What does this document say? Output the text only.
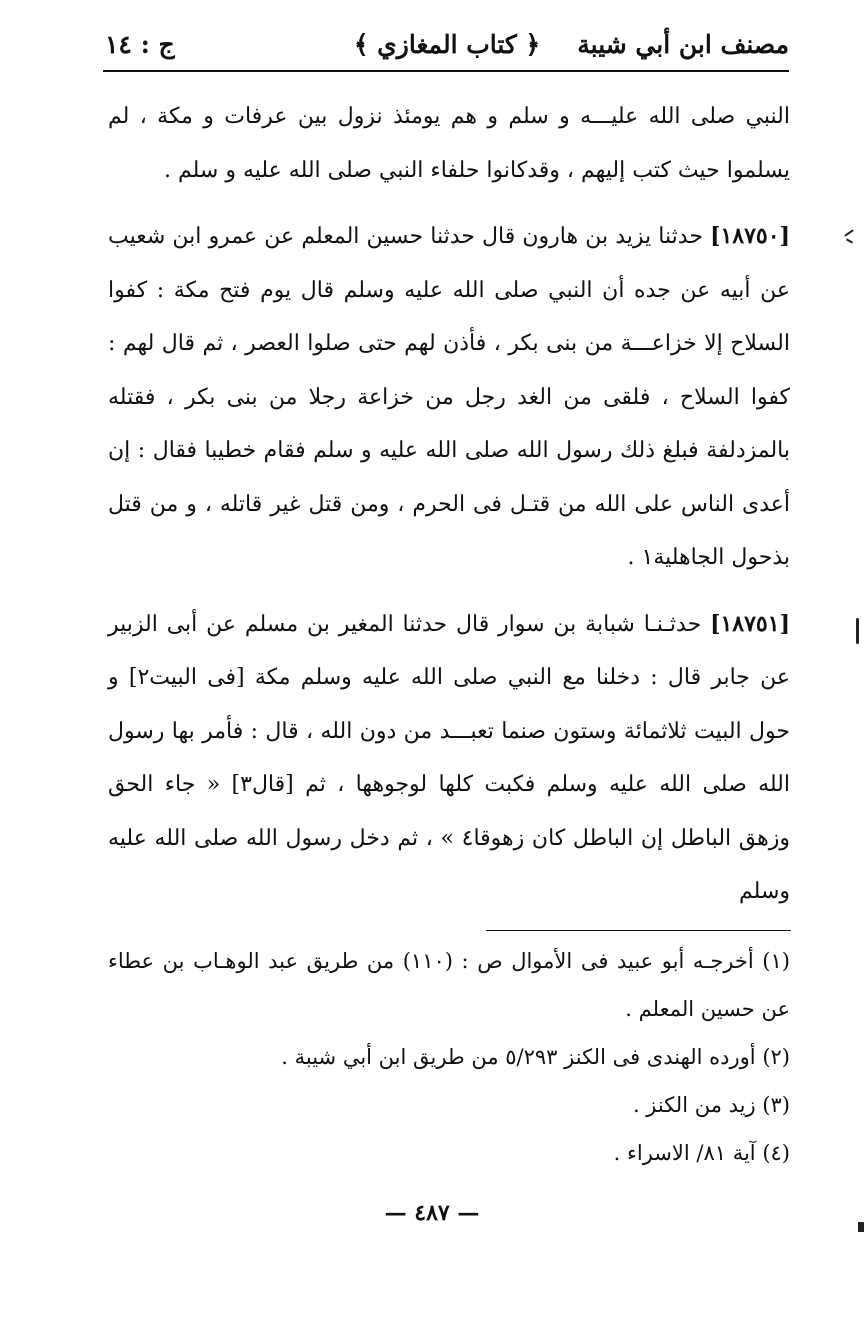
مصنف ابن أبي شيبة
﴿ كتاب المغازي ﴾
ج : ١٤

النبي صلى الله عليـــه و سلم و هم يومئذ نزول بين عرفات و مكة ، لم يسلموا حيث كتب إليهم ، وقدكانوا حلفاء النبي صلى الله عليه و سلم .

[١٨٧٥٠] حدثنا يزيد بن هارون قال حدثنا حسين المعلم عن عمرو ابن شعيب عن أبيه عن جده أن النبي صلى الله عليه وسلم قال يوم فتح مكة : كفوا السلاح إلا خزاعـــة من بنى بكر ، فأذن لهم حتى صلوا العصر ، ثم قال لهم : كفوا السلاح ، فلقى من الغد رجل من خزاعة رجلا من بنى بكر ، فقتله بالمزدلفة فبلغ ذلك رسول الله صلى الله عليه و سلم فقام خطيبا فقال : إن أعدى الناس على الله من قتـل فى الحرم ، ومن قتل غير قاتله ، و من قتل بذحول الجاهلية١ .

[١٨٧٥١] حدثـنـا شبابة بن سوار قال حدثنا المغير بن مسلم عن أبى الزبير عن جابر قال : دخلنا مع النبي صلى الله عليه وسلم مكة [فى البيت٢] و حول البيت ثلاثمائة وستون صنما تعبـــد من دون الله ، قال : فأمر بها رسول الله صلى الله عليه وسلم فكبت كلها لوجوهها ، ثم [قال٣] « جاء الحق وزهق الباطل إن الباطل كان زهوقا٤ » ، ثم دخل رسول الله صلى الله عليه وسلم

(١) أخرجـه أبو عبيد فى الأموال ص : (١١٠) من طريق عبد الوهـاب بن عطاء عن حسين المعلم .

(٢) أورده الهندى فى الكنز ٥/٢٩٣ من طريق ابن أبي شيبة .

(٣) زيد من الكنز .

(٤) آية ٨١/ الاسراء .

— ٤٨٧ —
